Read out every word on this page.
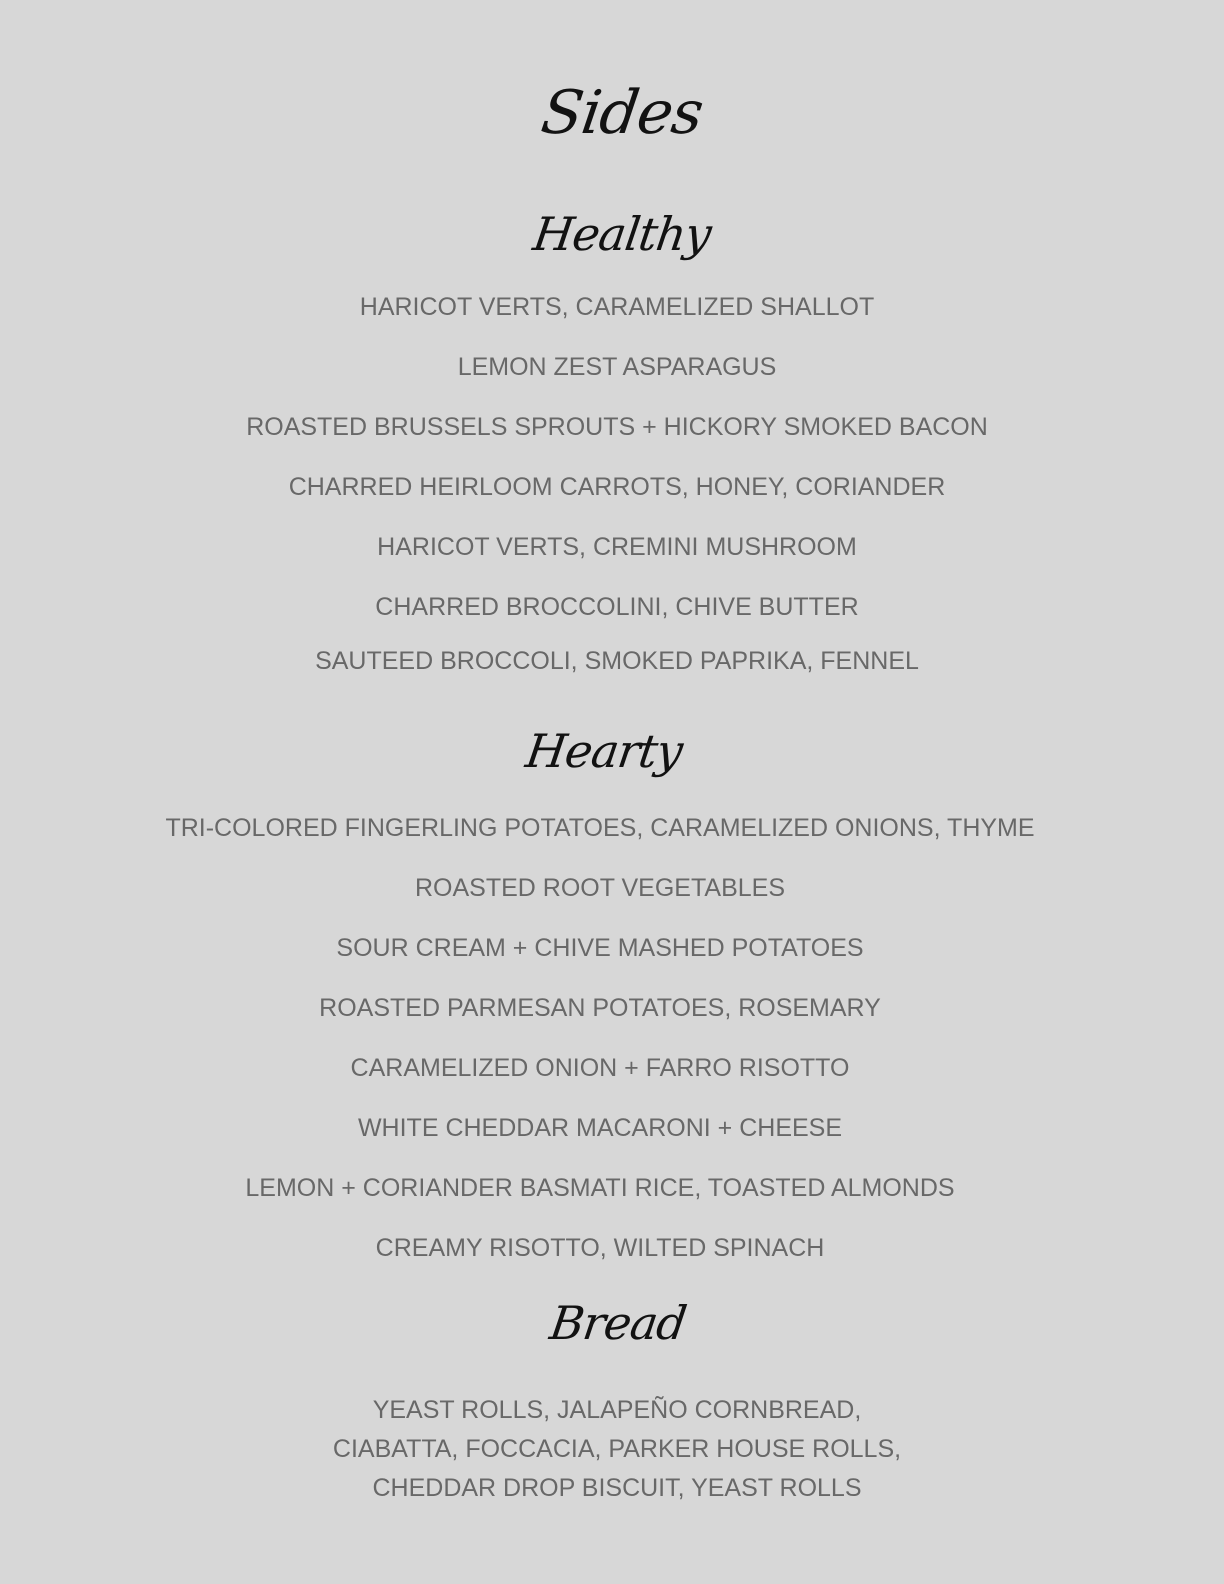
Sides
Healthy
HARICOT VERTS, CARAMELIZED SHALLOT
LEMON ZEST ASPARAGUS
ROASTED BRUSSELS SPROUTS + HICKORY SMOKED BACON
CHARRED HEIRLOOM CARROTS, HONEY, CORIANDER
HARICOT VERTS, CREMINI MUSHROOM
CHARRED BROCCOLINI, CHIVE BUTTER
SAUTEED BROCCOLI, SMOKED PAPRIKA, FENNEL
Hearty
TRI-COLORED FINGERLING POTATOES, CARAMELIZED ONIONS, THYME
ROASTED ROOT VEGETABLES
SOUR CREAM + CHIVE MASHED POTATOES
ROASTED PARMESAN POTATOES, ROSEMARY
CARAMELIZED ONION + FARRO RISOTTO
WHITE CHEDDAR MACARONI + CHEESE
LEMON + CORIANDER BASMATI RICE, TOASTED ALMONDS
CREAMY RISOTTO, WILTED SPINACH
Bread
YEAST ROLLS, JALAPEÑO CORNBREAD,
CIABATTA, FOCCACIA, PARKER HOUSE ROLLS,
CHEDDAR DROP BISCUIT, YEAST ROLLS
